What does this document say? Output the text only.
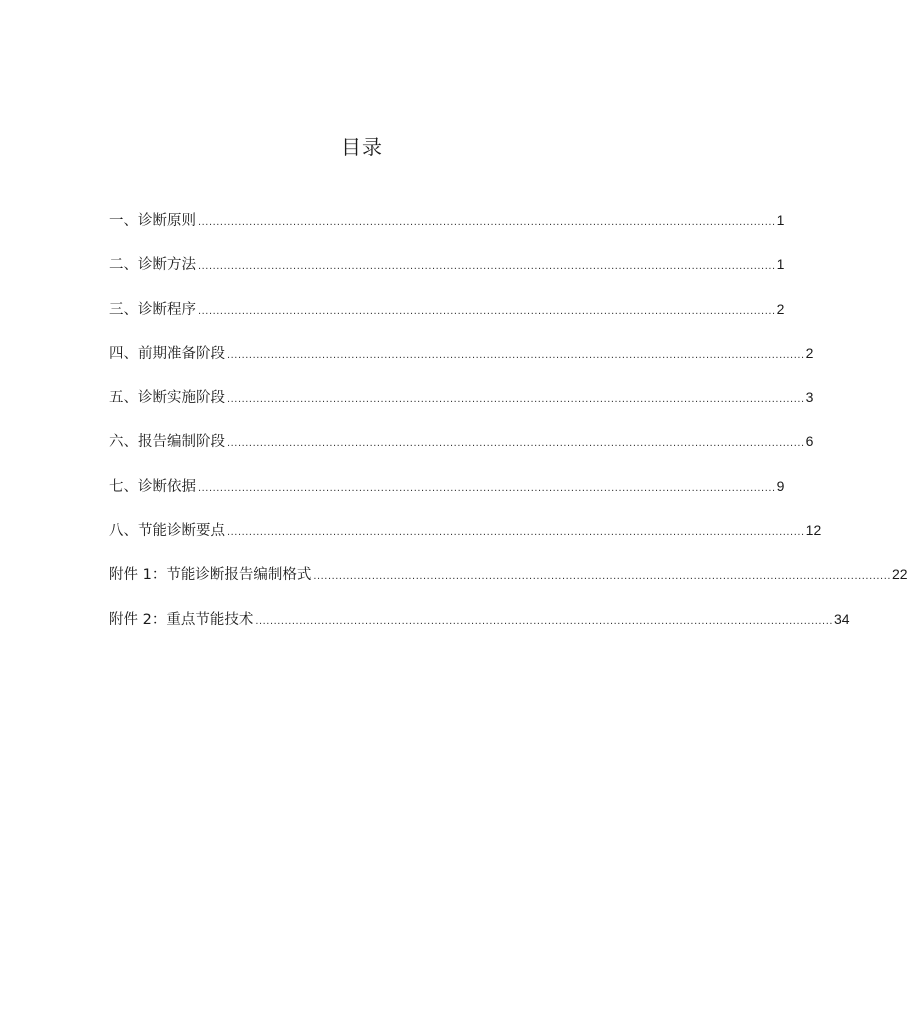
目录
一、诊断原则 .............................................................................................................................................................. 1
二、诊断方法 .............................................................................................................................................................. 1
三、诊断程序 .............................................................................................................................................................. 2
四、前期准备阶段 .............................................................................................................................................................. 2
五、诊断实施阶段 .............................................................................................................................................................. 3
六、报告编制阶段 .............................................................................................................................................................. 6
七、诊断依据 .............................................................................................................................................................. 9
八、节能诊断要点 .............................................................................................................................................................. 12
附件 1：节能诊断报告编制格式 .............................................................................................................................................................. 22
附件 2：重点节能技术 .............................................................................................................................................................. 34
